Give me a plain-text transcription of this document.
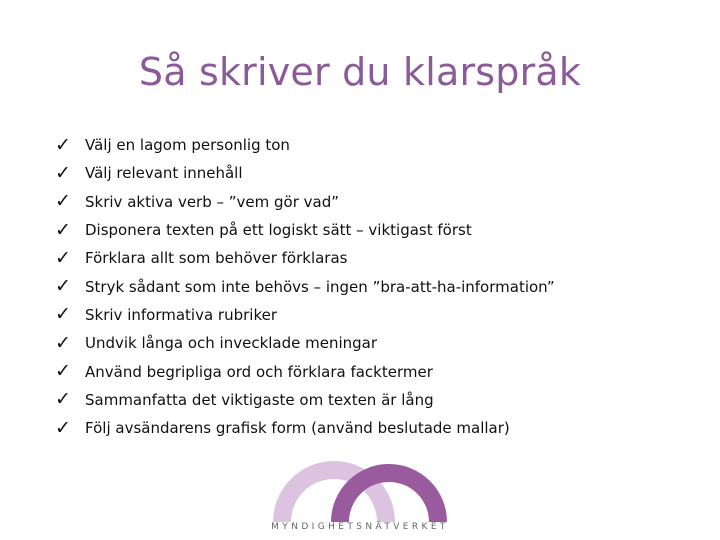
Så skriver du klarspråk
✓ Välj en lagom personlig ton
✓ Välj relevant innehåll
✓ Skriv aktiva verb – ”vem gör vad”
✓ Disponera texten på ett logiskt sätt – viktigast först
✓ Förklara allt som behöver förklaras
✓ Stryk sådant som inte behövs – ingen ”bra-att-ha-information”
✓ Skriv informativa rubriker
✓ Undvik långa och invecklade meningar
✓ Använd begripliga ord och förklara facktermer
✓ Sammanfatta det viktigaste om texten är lång
✓ Följ avsändarens grafisk form (använd beslutade mallar)
MYNDIGHETSNÄTVERKET
